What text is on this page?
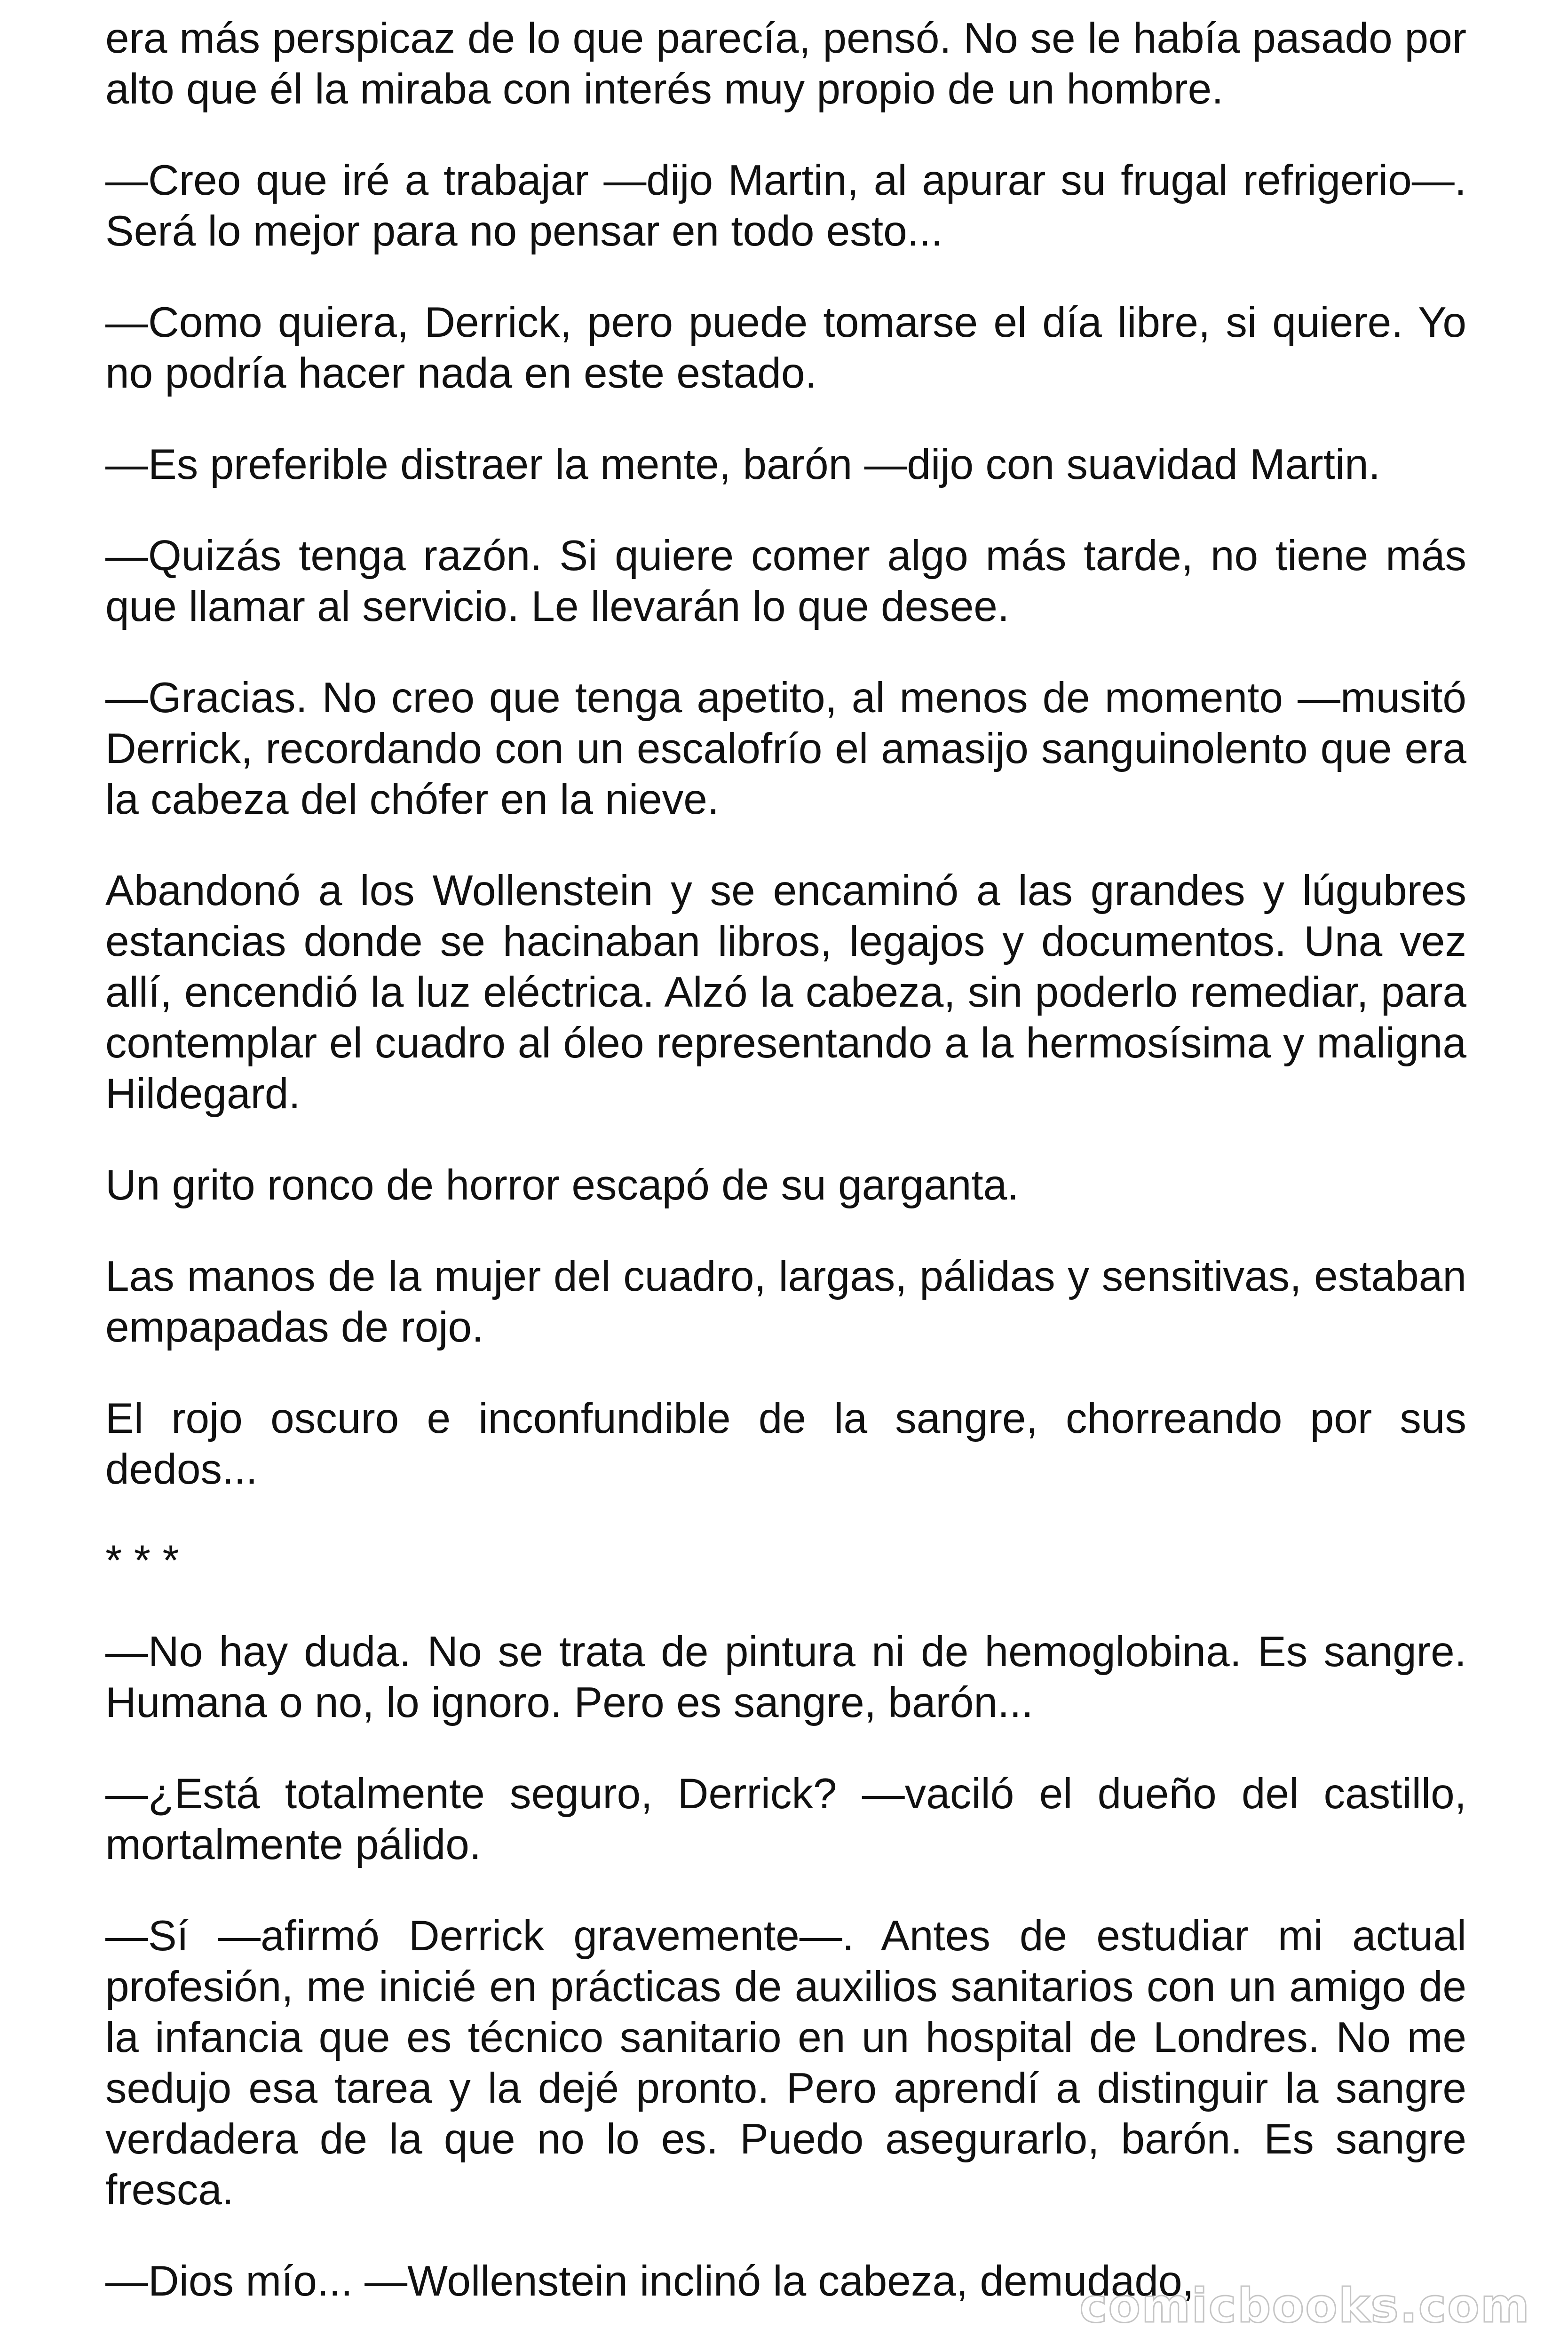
era más perspicaz de lo que parecía, pensó. No se le había pasado por alto que él la miraba con interés muy propio de un hombre.

—Creo que iré a trabajar —dijo Martin, al apurar su frugal refrigerio—. Será lo mejor para no pensar en todo esto...

—Como quiera, Derrick, pero puede tomarse el día libre, si quiere. Yo no podría hacer nada en este estado.

—Es preferible distraer la mente, barón —dijo con suavidad Martin.

—Quizás tenga razón. Si quiere comer algo más tarde, no tiene más que llamar al servicio. Le llevarán lo que desee.

—Gracias. No creo que tenga apetito, al menos de momento —musitó Derrick, recordando con un escalofrío el amasijo sanguinolento que era la cabeza del chófer en la nieve.

Abandonó a los Wollenstein y se encaminó a las grandes y lúgubres estancias donde se hacinaban libros, legajos y documentos. Una vez allí, encendió la luz eléctrica. Alzó la cabeza, sin poderlo remediar, para contemplar el cuadro al óleo representando a la hermosísima y maligna Hildegard.

Un grito ronco de horror escapó de su garganta.

Las manos de la mujer del cuadro, largas, pálidas y sensitivas, estaban empapadas de rojo.

El rojo oscuro e inconfundible de la sangre, chorreando por sus dedos...

* * *

—No hay duda. No se trata de pintura ni de hemoglobina. Es sangre. Humana o no, lo ignoro. Pero es sangre, barón...

—¿Está totalmente seguro, Derrick? —vaciló el dueño del castillo, mortalmente pálido.

—Sí —afirmó Derrick gravemente—. Antes de estudiar mi actual profesión, me inicié en prácticas de auxilios sanitarios con un amigo de la infancia que es técnico sanitario en un hospital de Londres. No me sedujo esa tarea y la dejé pronto. Pero aprendí a distinguir la sangre verdadera de la que no lo es. Puedo asegurarlo, barón. Es sangre fresca.

—Dios mío... —Wollenstein inclinó la cabeza, demudado,

comicbooks.com
